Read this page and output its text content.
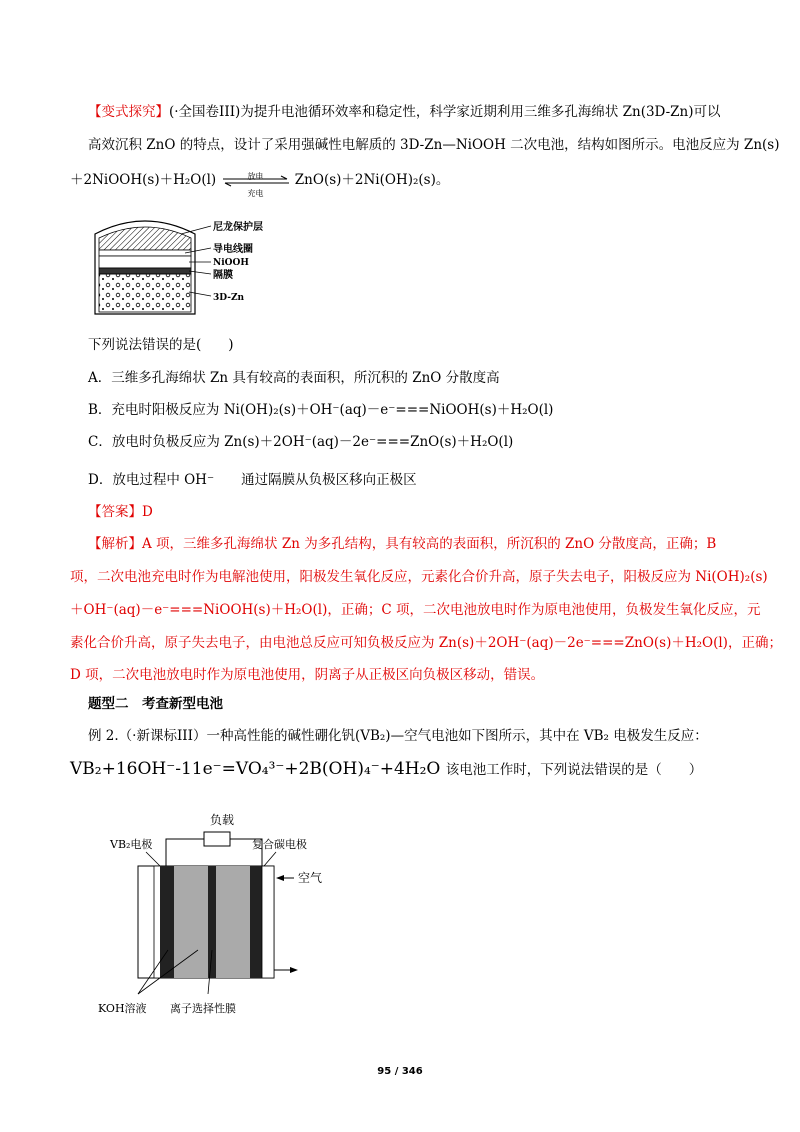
【变式探究】(·全国卷III)为提升电池循环效率和稳定性，科学家近期利用三维多孔海绵状 Zn(3D-Zn)可以
高效沉积 ZnO 的特点，设计了采用强碱性电解质的 3D-Zn—NiOOH 二次电池，结构如图所示。电池反应为 Zn(s)
＋2NiOOH(s)＋H₂O(l)	放电
充电
ZnO(s)＋2Ni(OH)₂(s)。
尼龙保护层
导电线圈
NiOOH
隔膜
3D-Zn
下列说法错误的是(　　)
A．三维多孔海绵状 Zn 具有较高的表面积，所沉积的 ZnO 分散度高
B．充电时阳极反应为 Ni(OH)₂(s)＋OH⁻(aq)－e⁻===NiOOH(s)＋H₂O(l)
C．放电时负极反应为 Zn(s)＋2OH⁻(aq)－2e⁻===ZnO(s)＋H₂O(l)
D．放电过程中 OH⁻　　通过隔膜从负极区移向正极区
【答案】D
【解析】A 项，三维多孔海绵状 Zn 为多孔结构，具有较高的表面积，所沉积的 ZnO 分散度高，正确；B
项，二次电池充电时作为电解池使用，阳极发生氧化反应，元素化合价升高，原子失去电子，阳极反应为 Ni(OH)₂(s)
＋OH⁻(aq)－e⁻===NiOOH(s)＋H₂O(l)，正确；C 项，二次电池放电时作为原电池使用，负极发生氧化反应，元
素化合价升高，原子失去电子，由电池总反应可知负极反应为 Zn(s)＋2OH⁻(aq)－2e⁻===ZnO(s)＋H₂O(l)，正确；
D 项，二次电池放电时作为原电池使用，阴离子从正极区向负极区移动，错误。
题型二　考查新型电池
例 2.（·新课标III）一种高性能的碱性硼化钒(VB₂)—空气电池如下图所示，其中在 VB₂ 电极发生反应：
VB₂+16OH⁻-11e⁻=VO₄³⁻+2B(OH)₄⁻+4H₂O 该电池工作时，下列说法错误的是（　　）
负载
VB₂电极	复合碳电极
空气
KOH溶液 离子选择性膜
95 / 346
